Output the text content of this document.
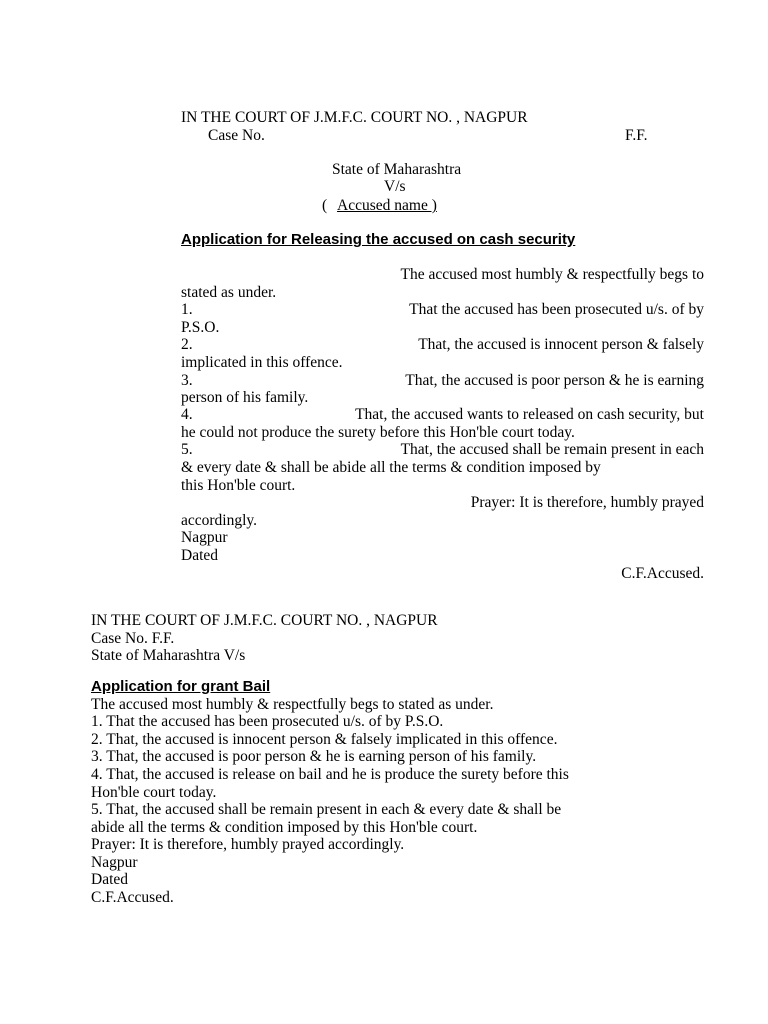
IN THE COURT OF J.M.F.C. COURT NO. , NAGPUR
Case No.	F.F.
State of Maharashtra
V/s
( Accused name )
Application for Releasing the accused on cash security
The accused most humbly & respectfully begs to
stated as under.
1.	That the accused has been prosecuted u/s. of by
P.S.O.
2.	That, the accused is innocent person & falsely
implicated in this offence.
3.	That, the accused is poor person & he is earning
person of his family.
4.	That, the accused wants to released on cash security, but
he could not produce the surety before this Hon'ble court today.
5.	That, the accused shall be remain present in each
& every date & shall be abide all the terms & condition imposed by
this Hon'ble court.
Prayer: It is therefore, humbly prayed
accordingly.
Nagpur
Dated
C.F.Accused.
IN THE COURT OF J.M.F.C. COURT NO. , NAGPUR
Case No. F.F.
State of Maharashtra V/s
Application for grant Bail
The accused most humbly & respectfully begs to stated as under.
1. That the accused has been prosecuted u/s. of by P.S.O.
2. That, the accused is innocent person & falsely implicated in this offence.
3. That, the accused is poor person & he is earning person of his family.
4. That, the accused is release on bail and he is produce the surety before this
Hon'ble court today.
5. That, the accused shall be remain present in each & every date & shall be
abide all the terms & condition imposed by this Hon'ble court.
Prayer: It is therefore, humbly prayed accordingly.
Nagpur
Dated
C.F.Accused.
